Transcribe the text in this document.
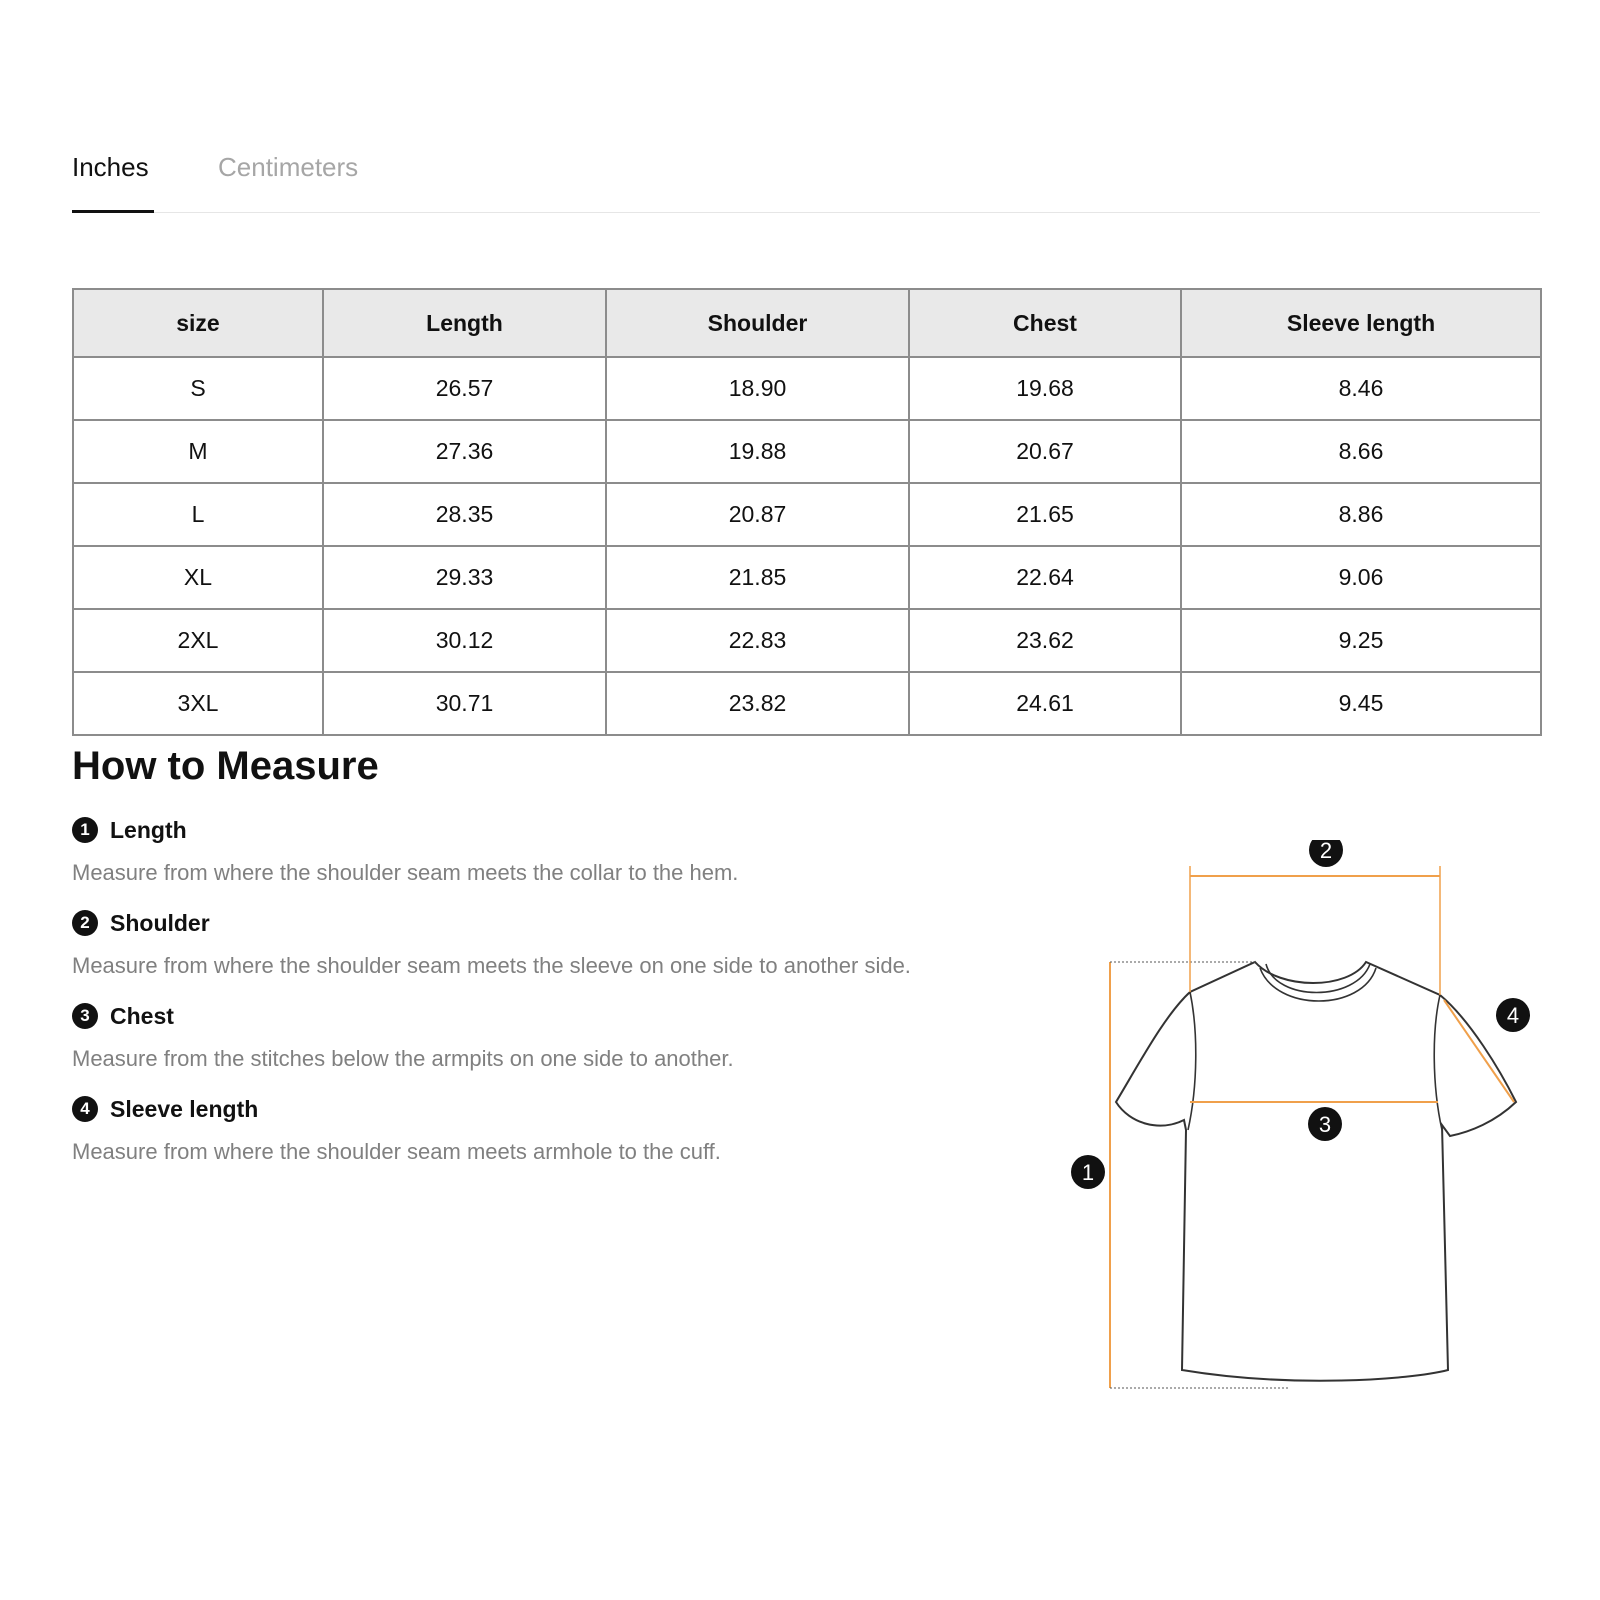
Inches	Centimeters
size	Length	Shoulder	Chest	Sleeve length
S	26.57	18.90	19.68	8.46
M	27.36	19.88	20.67	8.66
L	28.35	20.87	21.65	8.86
XL	29.33	21.85	22.64	9.06
2XL	30.12	22.83	23.62	9.25
3XL	30.71	23.82	24.61	9.45
How to Measure
1 Length
Measure from where the shoulder seam meets the collar to the hem.
2 Shoulder
Measure from where the shoulder seam meets the sleeve on one side to another side.
3 Chest
Measure from the stitches below the armpits on one side to another.
4 Sleeve length
Measure from where the shoulder seam meets armhole to the cuff.
2
4
3
1
